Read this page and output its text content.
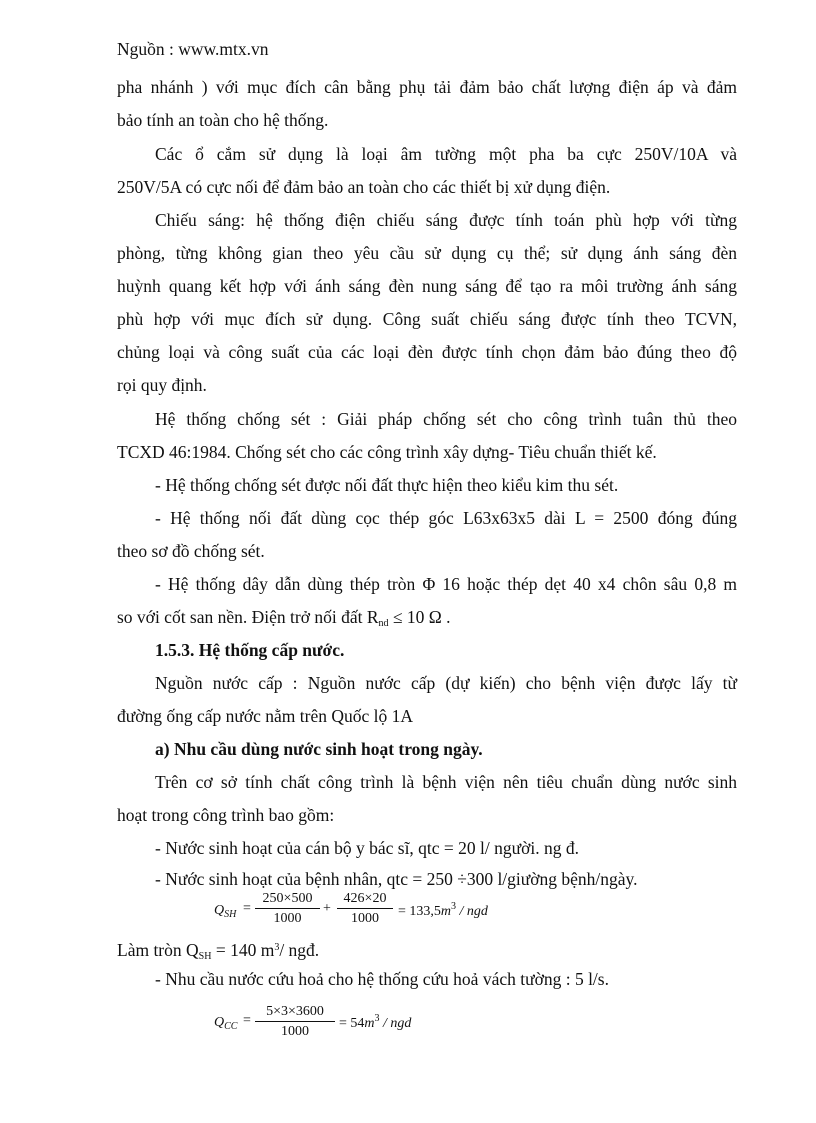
Nguồn : www.mtx.vn
pha nhánh ) với mục đích cân bằng phụ tải đảm bảo chất lượng điện áp và đảm
bảo tính an toàn cho hệ thống.
Các ổ cắm sử dụng là loại âm tường một pha ba cực 250V/10A và
250V/5A có cực nối để đảm bảo an toàn cho các thiết bị xử dụng điện.
Chiếu sáng: hệ thống điện chiếu sáng được tính toán phù hợp với từng
phòng, từng không gian theo yêu cầu sử dụng cụ thể; sử dụng ánh sáng đèn
huỳnh quang kết hợp với ánh sáng đèn nung sáng để tạo ra môi trường ánh sáng
phù hợp với mục đích sử dụng. Công suất chiếu sáng được tính theo TCVN,
chủng loại và công suất của các loại đèn được tính chọn đảm bảo đúng theo độ
rọi quy định.
Hệ thống chống sét : Giải pháp chống sét cho công trình tuân thủ theo
TCXD 46:1984. Chống sét cho các công trình xây dựng- Tiêu chuẩn thiết kế.
- Hệ thống chống sét được nối đất thực hiện theo kiểu kim thu sét.
- Hệ thống nối đất dùng cọc thép góc L63x63x5 dài L = 2500 đóng đúng
theo sơ đồ chống sét.
- Hệ thống dây dẫn dùng thép tròn Φ 16 hoặc thép dẹt 40 x4 chôn sâu 0,8 m
so với cốt san nền. Điện trở nối đất $R_{nd} \le 10$ Ω .
1.5.3. Hệ thống cấp nước.
Nguồn nước cấp : Nguồn nước cấp (dự kiến) cho bệnh viện được lấy từ
đường ống cấp nước nằm trên Quốc lộ 1A
a) Nhu cầu dùng nước sinh hoạt trong ngày.
Trên cơ sở tính chất công trình là bệnh viện nên tiêu chuẩn dùng nước sinh
hoạt trong công trình bao gồm:
- Nước sinh hoạt của cán bộ y bác sĩ, qtc = 20 l/ người. ng đ.
- Nước sinh hoạt của bệnh nhân, qtc = 250 ÷300 l/giường bệnh/ngày.
$Q_{SH}$ =
250×500
1000
+
426×20
1000	= $133,5m^3$ / ngd
Làm tròn $Q_{SH} = 140$ $m^3/$ ngđ.
- Nhu cầu nước cứu hoả cho hệ thống cứu hoả vách tường : 5 l/s.
$Q_{CC}$ =
5×3×3600
1000
= $54m^3$ / ngd
